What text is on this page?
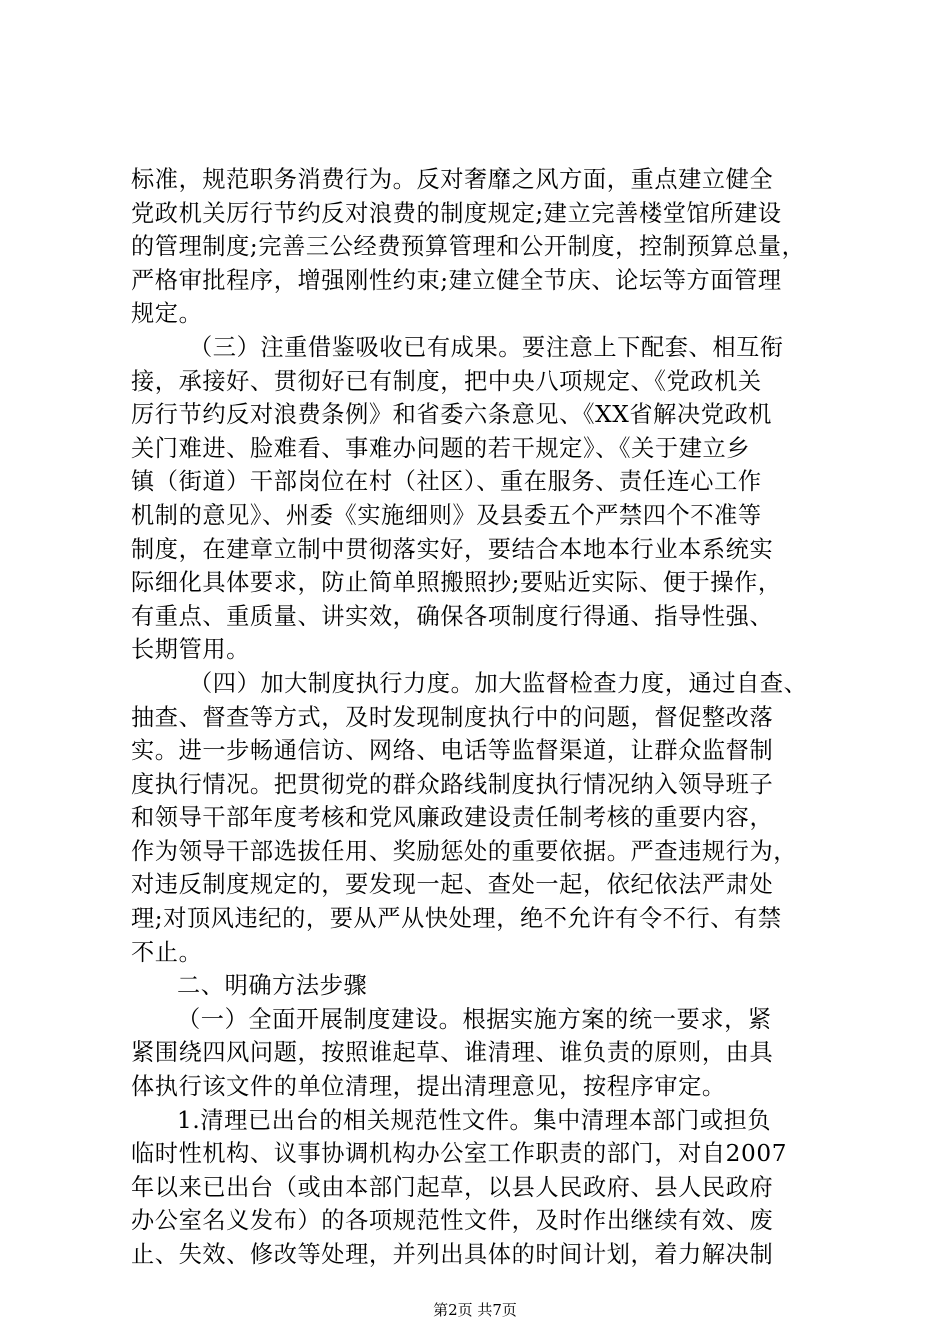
标准，规范职务消费行为。反对奢靡之风方面，重点建立健全
党政机关厉行节约反对浪费的制度规定;建立完善楼堂馆所建设
的管理制度;完善三公经费预算管理和公开制度，控制预算总量，
严格审批程序，增强刚性约束;建立健全节庆、论坛等方面管理
规定。
（三）注重借鉴吸收已有成果。要注意上下配套、相互衔
接，承接好、贯彻好已有制度，把中央八项规定、《党政机关
厉行节约反对浪费条例》和省委六条意见、《XX省解决党政机
关门难进、脸难看、事难办问题的若干规定》、《关于建立乡
镇（街道）干部岗位在村（社区）、重在服务、责任连心工作
机制的意见》、州委《实施细则》及县委五个严禁四个不准等
制度，在建章立制中贯彻落实好，要结合本地本行业本系统实
际细化具体要求，防止简单照搬照抄;要贴近实际、便于操作，
有重点、重质量、讲实效，确保各项制度行得通、指导性强、
长期管用。
（四）加大制度执行力度。加大监督检查力度，通过自查、
抽查、督查等方式，及时发现制度执行中的问题，督促整改落
实。进一步畅通信访、网络、电话等监督渠道，让群众监督制
度执行情况。把贯彻党的群众路线制度执行情况纳入领导班子
和领导干部年度考核和党风廉政建设责任制考核的重要内容，
作为领导干部选拔任用、奖励惩处的重要依据。严查违规行为，
对违反制度规定的，要发现一起、查处一起，依纪依法严肃处
理;对顶风违纪的，要从严从快处理，绝不允许有令不行、有禁
不止。
二、明确方法步骤
（一）全面开展制度建设。根据实施方案的统一要求，紧
紧围绕四风问题，按照谁起草、谁清理、谁负责的原则，由具
体执行该文件的单位清理，提出清理意见，按程序审定。
1.清理已出台的相关规范性文件。集中清理本部门或担负
临时性机构、议事协调机构办公室工作职责的部门，对自2007
年以来已出台（或由本部门起草，以县人民政府、县人民政府
办公室名义发布）的各项规范性文件，及时作出继续有效、废
止、失效、修改等处理，并列出具体的时间计划，着力解决制
第2页 共7页
